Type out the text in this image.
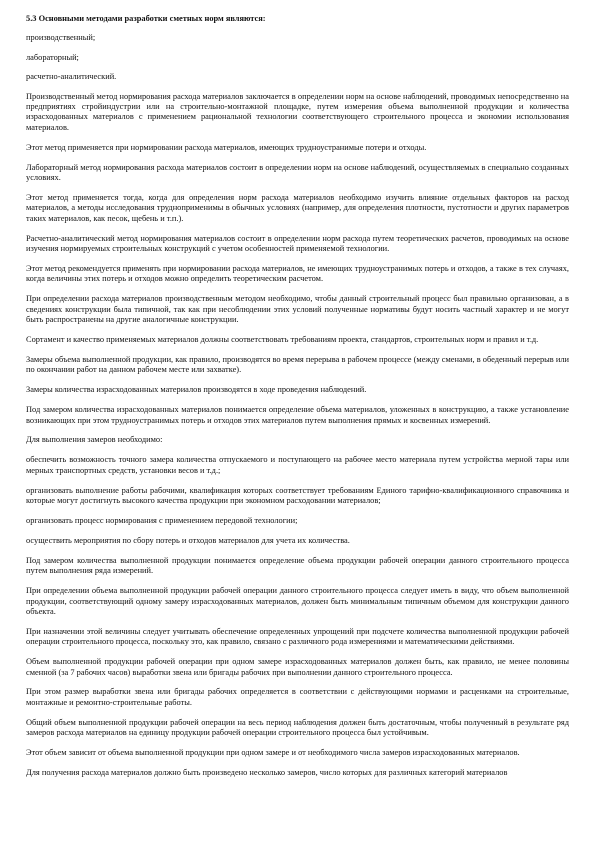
5.3 Основными методами разработки сметных норм являются:
производственный;
лабораторный;
расчетно-аналитический.
Производственный метод нормирования расхода материалов заключается в определении норм на основе наблюдений, проводимых непосредственно на предприятиях стройиндустрии или на строительно-монтажной площадке, путем измерения объема выполненной продукции и количества израсходованных материалов с применением рациональной технологии соответствующего строительного процесса и экономии использования материалов.
Этот метод применяется при нормировании расхода материалов, имеющих трудноустранимые потери и отходы.
Лабораторный метод нормирования расхода материалов состоит в определении норм на основе наблюдений, осуществляемых в специально созданных условиях.
Этот метод применяется тогда, когда для определения норм расхода материалов необходимо изучить влияние отдельных факторов на расход материалов, а методы исследования трудноприменимы в обычных условиях (например, для определения плотности, пустотности и других параметров таких материалов, как песок, щебень и т.п.).
Расчетно-аналитический метод нормирования материалов состоит в определении норм расхода путем теоретических расчетов, проводимых на основе изучения нормируемых строительных конструкций с учетом особенностей применяемой технологии.
Этот метод рекомендуется применять при нормировании расхода материалов, не имеющих трудноустранимых потерь и отходов, а также в тех случаях, когда величины этих потерь и отходов можно определить теоретическим расчетом.
При определении расхода материалов производственным методом необходимо, чтобы данный строительный процесс был правильно организован, а в сведениях конструкции была типичной, так как при несоблюдении этих условий полученные нормативы будут носить частный характер и не могут быть распространены на другие аналогичные конструкции.
Сортамент и качество применяемых материалов должны соответствовать требованиям проекта, стандартов, строительных норм и правил и т.д.
Замеры объема выполненной продукции, как правило, производятся во время перерыва в рабочем процессе (между сменами, в обеденный перерыв или по окончании работ на данном рабочем месте или захватке).
Замеры количества израсходованных материалов производятся в ходе проведения наблюдений.
Под замером количества израсходованных материалов понимается определение объема материалов, уложенных в конструкцию, а также установление возникающих при этом трудноустранимых потерь и отходов этих материалов путем выполнения прямых и косвенных измерений.
Для выполнения замеров необходимо:
обеспечить возможность точного замера количества отпускаемого и поступающего на рабочее место материала путем устройства мерной тары или мерных транспортных средств, установки весов и т.д.;
организовать выполнение работы рабочими, квалификация которых соответствует требованиям Единого тарифно-квалификационного справочника и которые могут достигнуть высокого качества продукции при экономном расходовании материалов;
организовать процесс нормирования с применением передовой технологии;
осуществить мероприятия по сбору потерь и отходов материалов для учета их количества.
Под замером количества выполненной продукции понимается определение объема продукции рабочей операции данного строительного процесса путем выполнения ряда измерений.
При определении объема выполненной продукции рабочей операции данного строительного процесса следует иметь в виду, что объем выполненной продукции, соответствующий одному замеру израсходованных материалов, должен быть минимальным типичным объемом для конструкции данного объекта.
При назначении этой величины следует учитывать обеспечение определенных упрощений при подсчете количества выполненной продукции рабочей операции строительного процесса, поскольку это, как правило, связано с различного рода измерениями и математическими действиями.
Объем выполненной продукции рабочей операции при одном замере израсходованных материалов должен быть, как правило, не менее половины сменной (за 7 рабочих часов) выработки звена или бригады рабочих при выполнении данного строительного процесса.
При этом размер выработки звена или бригады рабочих определяется в соответствии с действующими нормами и расценками на строительные, монтажные и ремонтно-строительные работы.
Общий объем выполненной продукции рабочей операции на весь период наблюдения должен быть достаточным, чтобы полученный в результате ряд замеров расхода материалов на единицу продукции рабочей операции строительного процесса был устойчивым.
Этот объем зависит от объема выполненной продукции при одном замере и от необходимого числа замеров израсходованных материалов.
Для получения расхода материалов должно быть произведено несколько замеров, число которых для различных категорий материалов
